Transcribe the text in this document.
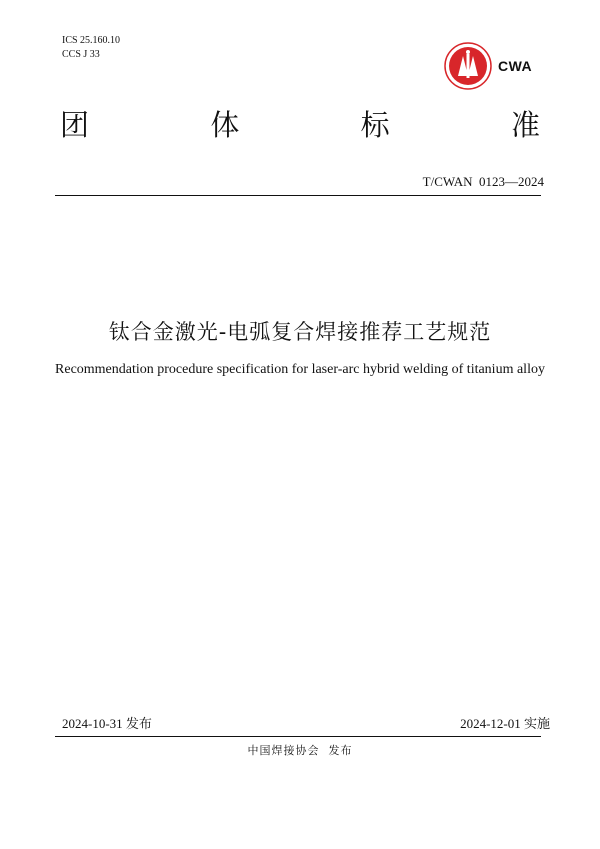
ICS 25.160.10
CCS J 33
CWA
团	体	标	准
T/CWAN  0123—2024
钛合金激光-电弧复合焊接推荐工艺规范
Recommendation procedure specification for laser-arc hybrid welding of titanium alloy
2024-10-31 发布	2024-12-01 实施
中国焊接协会  发布
